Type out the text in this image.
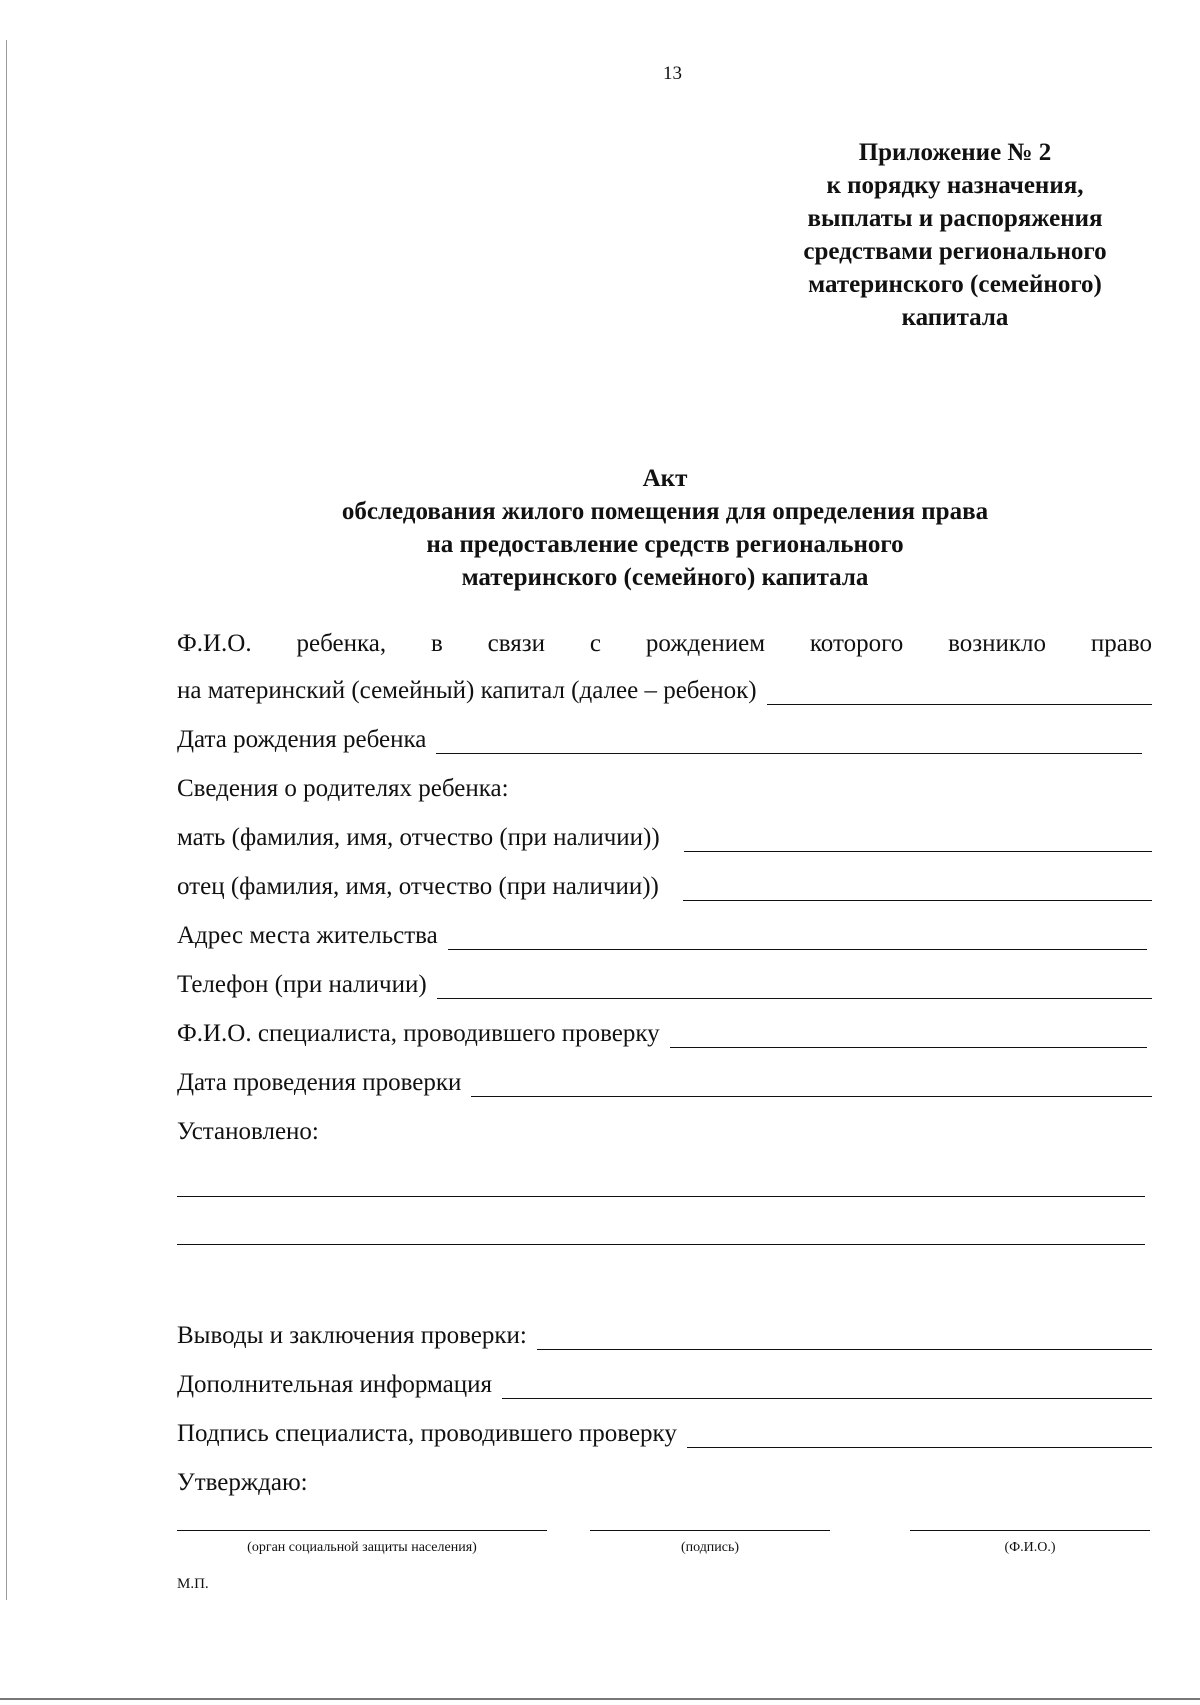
13
Приложение № 2
к порядку назначения,
выплаты и распоряжения
средствами регионального
материнского (семейного)
капитала
Акт
обследования жилого помещения для определения права
на предоставление средств регионального
материнского (семейного) капитала
Ф.И.О. ребенка, в связи с рождением которого возникло право
на материнский (семейный) капитал (далее – ребенок)
Дата рождения ребенка
Сведения о родителях ребенка:
мать (фамилия, имя, отчество (при наличии))
отец (фамилия, имя, отчество (при наличии))
Адрес места жительства
Телефон (при наличии)
Ф.И.О. специалиста, проводившего проверку
Дата проведения проверки
Установлено:
Выводы и заключения проверки:
Дополнительная информация
Подпись специалиста, проводившего проверку
Утверждаю:
(орган социальной защиты населения)	(подпись)	(Ф.И.О.)
М.П.
